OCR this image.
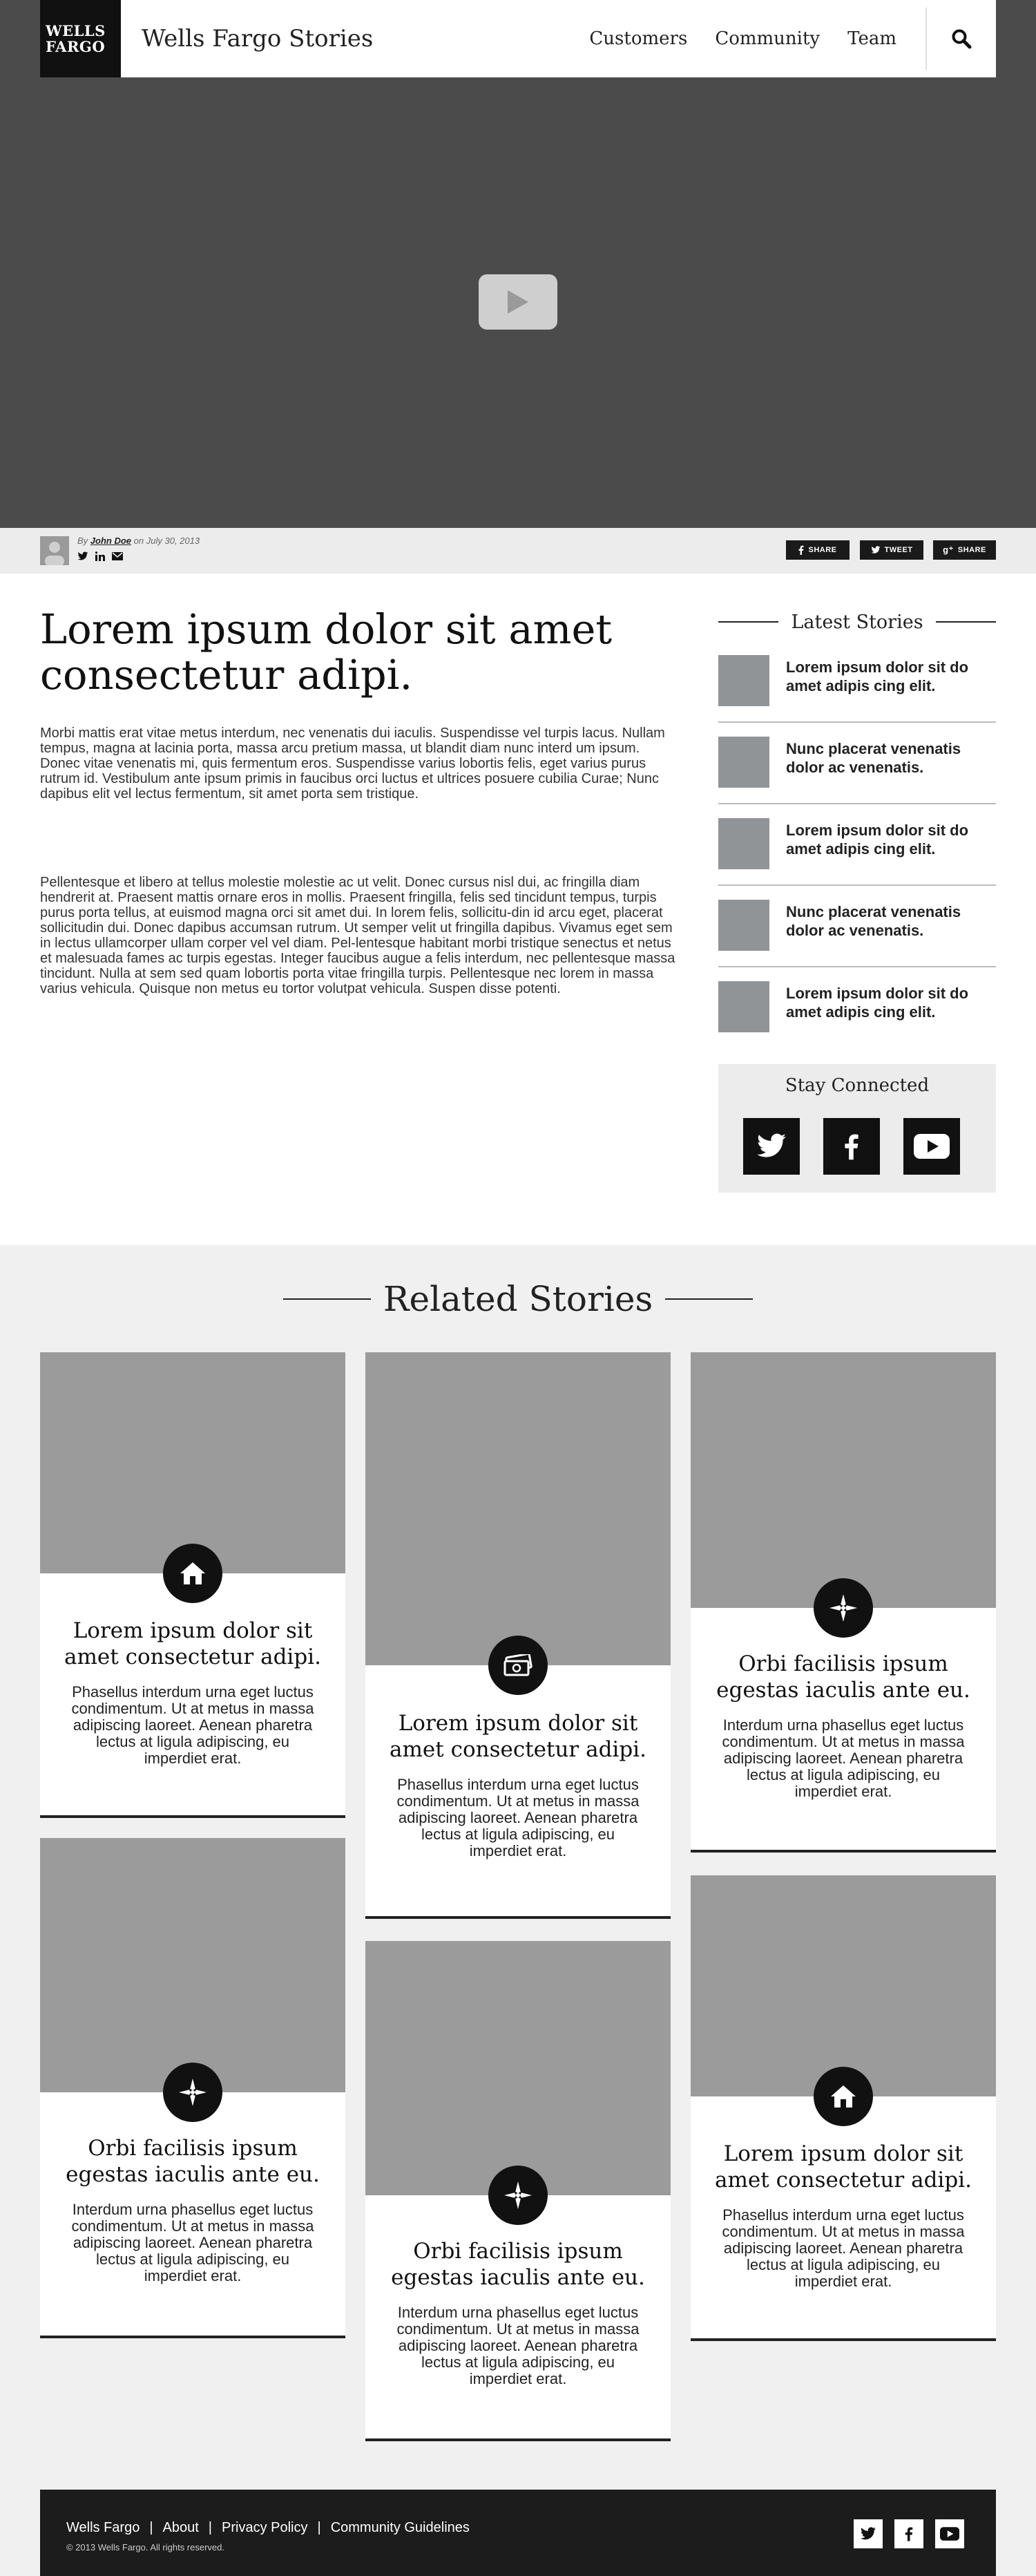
WELLS
FARGO	Wells Fargo Stories	Customers Community Team
By John Doe on July 30, 2013
SHARE	TWEET	g⁺ SHARE
Lorem ipsum dolor sit amet consectetur adipi.

Morbi mattis erat vitae metus interdum, nec venenatis dui iaculis. Suspendisse vel turpis lacus. Nullam tempus, magna at lacinia porta, massa arcu pretium massa, ut blandit diam nunc interd um ipsum. Donec vitae venenatis mi, quis fermentum eros. Suspendisse varius lobortis felis, eget varius purus rutrum id. Vestibulum ante ipsum primis in faucibus orci luctus et ultrices posuere cubilia Curae; Nunc dapibus elit vel lectus fermentum, sit amet porta sem tristique.

Pellentesque et libero at tellus molestie molestie ac ut velit. Donec cursus nisl dui, ac fringilla diam hendrerit at. Praesent mattis ornare eros in mollis. Praesent fringilla, felis sed tincidunt tempus, turpis purus porta tellus, at euismod magna orci sit amet dui. In lorem felis, sollicitu-din id arcu eget, placerat sollicitudin dui. Donec dapibus accumsan rutrum. Ut semper velit ut fringilla dapibus. Vivamus eget sem in lectus ullamcorper ullam corper vel vel diam. Pel-lentesque habitant morbi tristique senectus et netus et malesuada fames ac turpis egestas. Integer faucibus augue a felis interdum, nec pellentesque massa tincidunt. Nulla at sem sed quam lobortis porta vitae fringilla turpis. Pellentesque nec lorem in massa varius vehicula. Quisque non metus eu tortor volutpat vehicula. Suspen disse potenti.

Latest Stories
Lorem ipsum dolor sit do amet adipis cing elit.
Nunc placerat venenatis dolor ac venenatis.
Lorem ipsum dolor sit do amet adipis cing elit.
Nunc placerat venenatis dolor ac venenatis.
Lorem ipsum dolor sit do amet adipis cing elit.
Stay Connected
Related Stories
Lorem ipsum dolor sit amet consectetur adipi.
Phasellus interdum urna eget luctus condimentum. Ut at metus in massa adipiscing laoreet. Aenean pharetra lectus at ligula adipiscing, eu imperdiet erat.
Lorem ipsum dolor sit amet consectetur adipi.
Phasellus interdum urna eget luctus condimentum. Ut at metus in massa adipiscing laoreet. Aenean pharetra lectus at ligula adipiscing, eu imperdiet erat.
Orbi facilisis ipsum egestas iaculis ante eu.
Interdum urna phasellus eget luctus condimentum. Ut at metus in massa adipiscing laoreet. Aenean pharetra lectus at ligula adipiscing, eu imperdiet erat.
Orbi facilisis ipsum egestas iaculis ante eu.
Interdum urna phasellus eget luctus condimentum. Ut at metus in massa adipiscing laoreet. Aenean pharetra lectus at ligula adipiscing, eu imperdiet erat.
Orbi facilisis ipsum egestas iaculis ante eu.
Interdum urna phasellus eget luctus condimentum. Ut at metus in massa adipiscing laoreet. Aenean pharetra lectus at ligula adipiscing, eu imperdiet erat.
Lorem ipsum dolor sit amet consectetur adipi.
Phasellus interdum urna eget luctus condimentum. Ut at metus in massa adipiscing laoreet. Aenean pharetra lectus at ligula adipiscing, eu imperdiet erat.
Wells Fargo | About | Privacy Policy | Community Guidelines
© 2013 Wells Fargo. All rights reserved.
